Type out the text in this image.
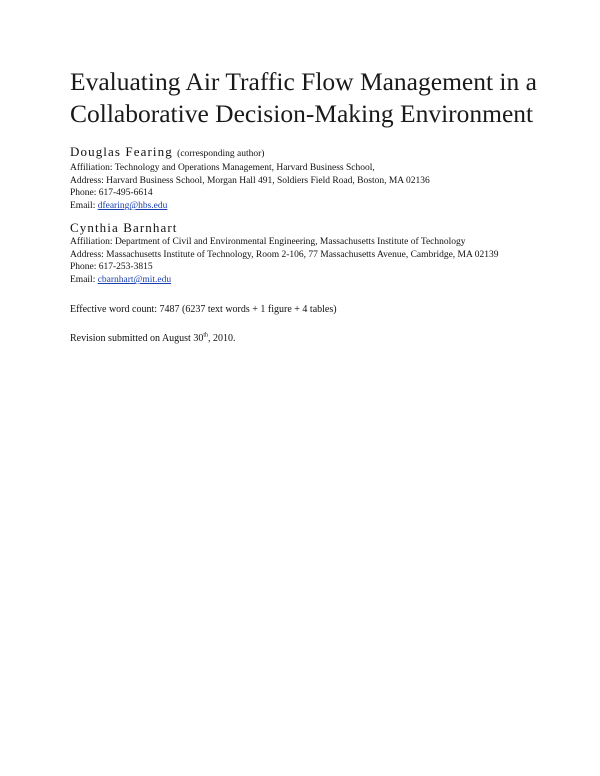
Evaluating Air Traffic Flow Management in a
Collaborative Decision-Making Environment
Douglas Fearing (corresponding author)
Affiliation: Technology and Operations Management, Harvard Business School,
Address: Harvard Business School, Morgan Hall 491, Soldiers Field Road, Boston, MA 02136
Phone: 617-495-6614
Email: dfearing@hbs.edu
Cynthia Barnhart
Affiliation: Department of Civil and Environmental Engineering, Massachusetts Institute of Technology
Address: Massachusetts Institute of Technology, Room 2-106, 77 Massachusetts Avenue, Cambridge, MA 02139
Phone: 617-253-3815
Email: cbarnhart@mit.edu
Effective word count: 7487 (6237 text words + 1 figure + 4 tables)
Revision submitted on August 30th, 2010.
